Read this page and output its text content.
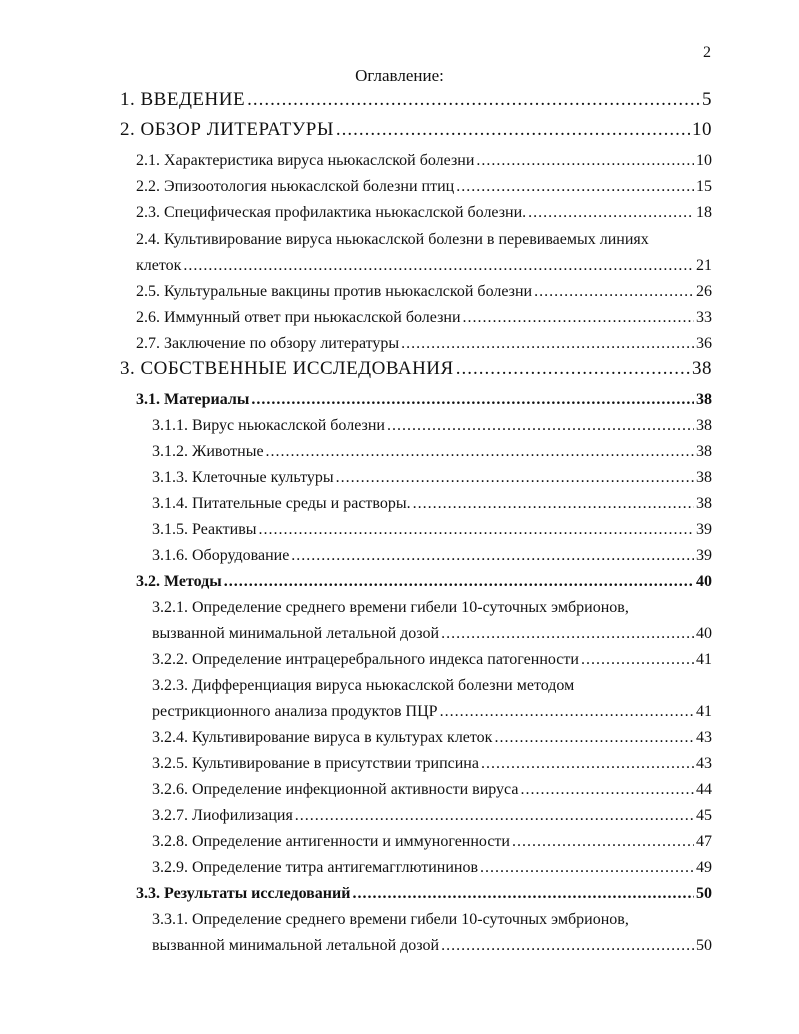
2
Оглавление:
1. ВВЕДЕНИЕ .....	5
2. ОБЗОР ЛИТЕРАТУРЫ .....	10
2.1. Характеристика вируса ньюкаслской болезни .....	10
2.2. Эпизоотология ньюкаслской болезни птиц .....	15
2.3. Специфическая профилактика ньюкаслской болезни. .....	18
2.4. Культивирование вируса ньюкаслской болезни в перевиваемых линиях
клеток .....	21
2.5. Культуральные вакцины против ньюкаслской болезни .....	26
2.6. Иммунный ответ при ньюкаслской болезни .....	33
2.7. Заключение по обзору литературы .....	36
3. СОБСТВЕННЫЕ ИССЛЕДОВАНИЯ .....	38
3.1. Материалы .....	38
3.1.1. Вирус ньюкаслской болезни .....	38
3.1.2. Животные .....	38
3.1.3. Клеточные культуры .....	38
3.1.4. Питательные среды и растворы. .....	38
3.1.5. Реактивы .....	39
3.1.6. Оборудование .....	39
3.2. Методы .....	40
3.2.1. Определение среднего времени гибели 10-суточных эмбрионов,
вызванной минимальной летальной дозой .....	40
3.2.2. Определение интрацеребрального индекса патогенности .....	41
3.2.3. Дифференциация вируса ньюкаслской болезни методом
рестрикционного анализа продуктов ПЦР .....	41
3.2.4. Культивирование вируса в культурах клеток .....	43
3.2.5. Культивирование в присутствии трипсина .....	43
3.2.6. Определение инфекционной активности вируса .....	44
3.2.7. Лиофилизация .....	45
3.2.8. Определение антигенности и иммуногенности .....	47
3.2.9. Определение титра антигемагглютининов .....	49
3.3. Результаты исследований .....	50
3.3.1. Определение среднего времени гибели 10-суточных эмбрионов,
вызванной минимальной летальной дозой .....	50
